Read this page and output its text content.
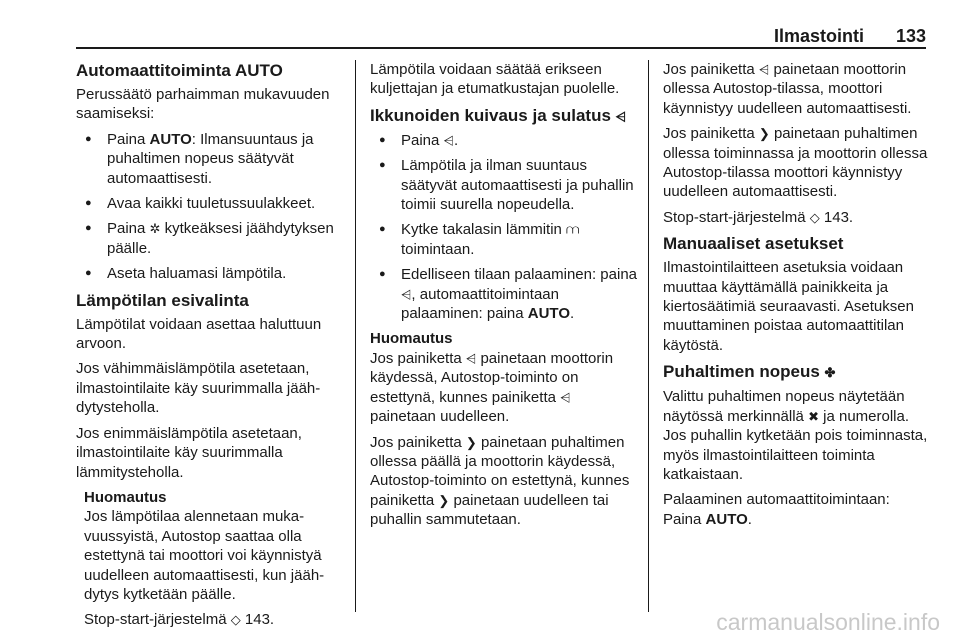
Ilmastointi 133
Automaattitoiminta AUTO

Perussäätö parhaimman mukavuuden saamiseksi:

● Paina AUTO: Ilmansuuntaus ja puhaltimen nopeus säätyvät automaattisesti.
● Avaa kaikki tuuletussuulakkeet.
● Paina ✲ kytkeäksesi jäähdytyksen päälle.
● Aseta haluamasi lämpötila.
Lämpötilan esivalinta

Lämpötilat voidaan asettaa haluttuun arvoon.

Jos vähimmäislämpötila asetetaan, ilmastointilaite käy suurimmalla jäähdytysteholla.

Jos enimmäislämpötila asetetaan, ilmastointilaite käy suurimmalla lämmitysteholla.

Huomautus

Jos lämpötilaa alennetaan mukavuussyistä, Autostop saattaa olla estettynä tai moottori voi käynnistyä uudelleen automaattisesti, kun jäähdytys kytketään päälle.

Stop-start-järjestelmä ◇ 143.

Lämpötila voidaan säätää erikseen kuljettajan ja etumatkustajan puolelle.

Ikkunoiden kuivaus ja sulatus ⩤
● Paina ⩤.
● Lämpötila ja ilman suuntaus säätyvät automaattisesti ja puhallin toimii suurella nopeudella.
● Kytke takalasin lämmitin ⩋ toimintaan.
● Edelliseen tilaan palaaminen: paina ⩤, automaattitoimintaan palaaminen: paina AUTO.
Huomautus

Jos painiketta ⩤ painetaan moottorin käydessä, Autostop-toiminto on estettynä, kunnes painiketta ⩤ painetaan uudelleen.

Jos painiketta ❯ painetaan puhaltimen ollessa päällä ja moottorin käydessä, Autostop-toiminto on estettynä, kunnes painiketta ❯ painetaan uudelleen tai puhallin sammutetaan.

Jos painiketta ⩤ painetaan moottorin ollessa Autostop-tilassa, moottori käynnistyy uudelleen automaattisesti.

Jos painiketta ❯ painetaan puhaltimen ollessa toiminnassa ja moottorin ollessa Autostop-tilassa moottori käynnistyy uudelleen automaattisesti.

Stop-start-järjestelmä ◇ 143.

Manuaaliset asetukset

Ilmastointilaitteen asetuksia voidaan muuttaa käyttämällä painikkeita ja kiertosäätimiä seuraavasti. Asetuksen muuttaminen poistaa automaattitilan käytöstä.

Puhaltimen nopeus ✤

Valittu puhaltimen nopeus näytetään näytössä merkinnällä ✖ ja numerolla. Jos puhallin kytketään pois toiminnasta, myös ilmastointilaitteen toiminta katkaistaan.

Palaaminen automaattitoimintaan:

Paina AUTO.

carmanualsonline.info
